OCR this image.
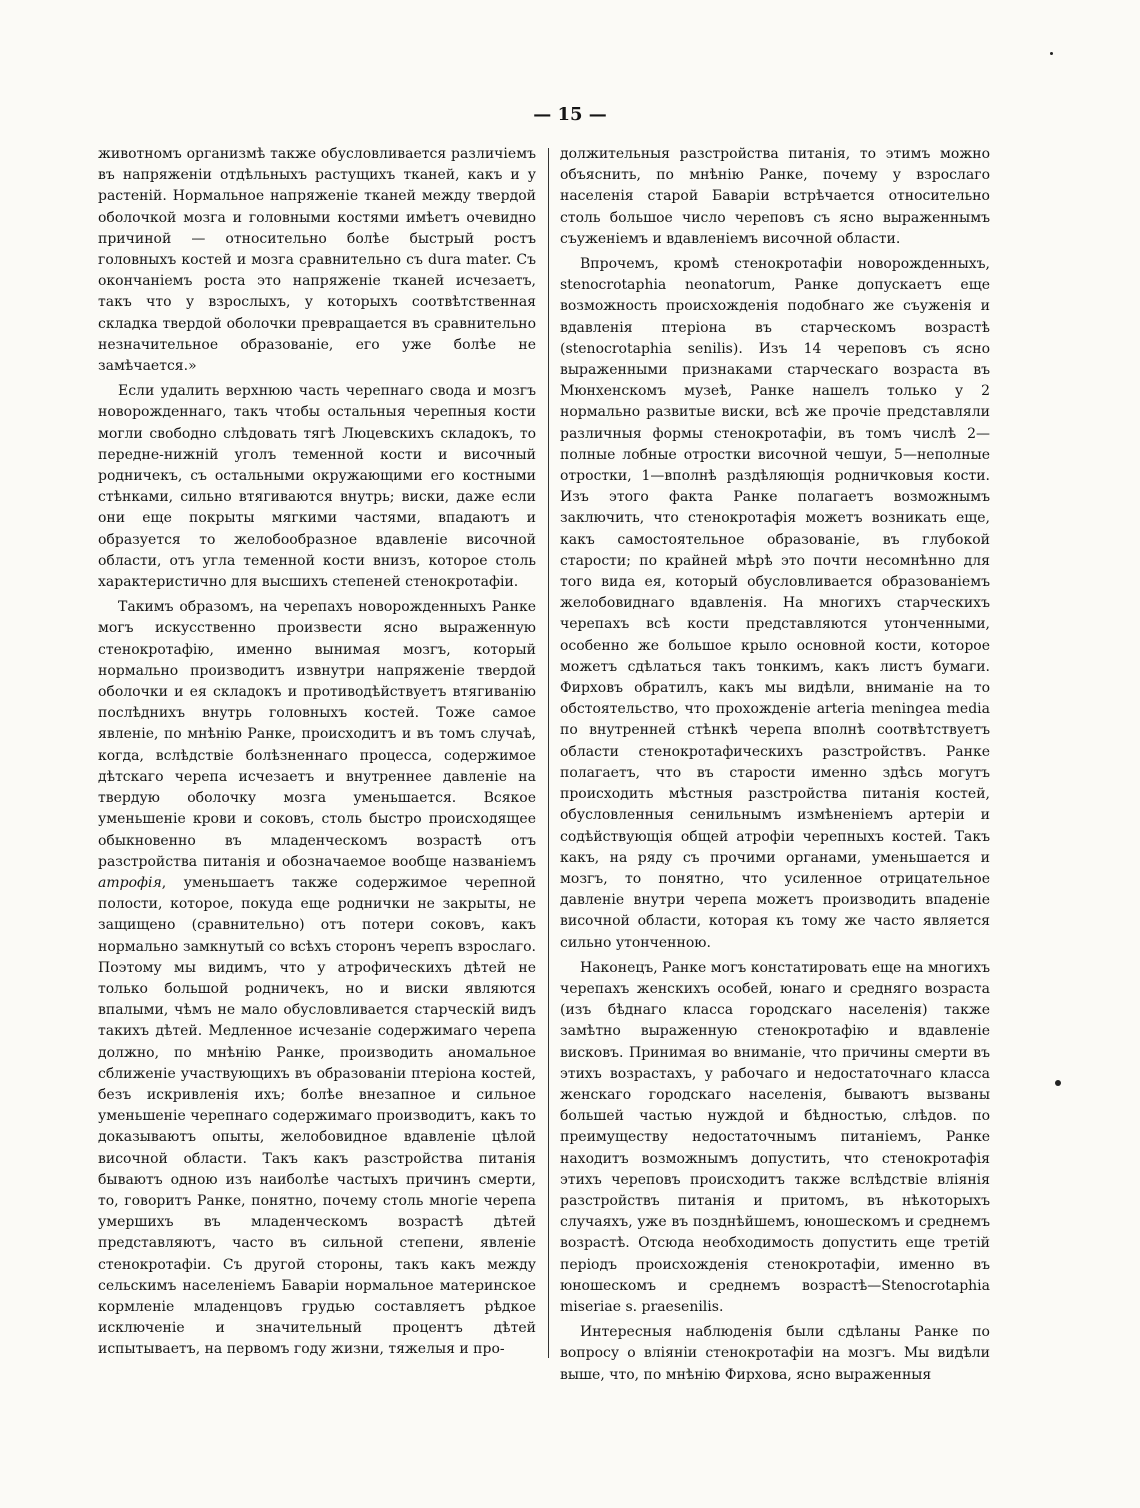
— 15 —

животномъ организмѣ также обусловливается различіемъ въ напряженіи отдѣльныхъ растущихъ тканей, какъ и у растеній. Нормальное напряженіе тканей между твердой оболочкой мозга и головными костями имѣетъ очевидно причиной — относительно болѣе быстрый ростъ головныхъ костей и мозга сравнительно съ dura mater. Съ окончаніемъ роста это напряженіе тканей исчезаетъ, такъ что у взрослыхъ, у которыхъ соотвѣтственная складка твердой оболочки превращается въ сравнительно незначительное образованіе, его уже болѣе не замѣчается.»

Если удалить верхнюю часть черепнаго свода и мозгъ новорожденнаго, такъ чтобы остальныя черепныя кости могли свободно слѣдовать тягѣ Люцевскихъ складокъ, то передне-нижній уголъ теменной кости и височный родничекъ, съ остальными окружающими его костными стѣнками, сильно втягиваются внутрь; виски, даже если они еще покрыты мягкими частями, впадаютъ и образуется то желобообразное вдавленіе височной области, отъ угла теменной кости внизъ, которое столь характеристично для высшихъ степеней стенокротафіи.

Такимъ образомъ, на черепахъ новорожденныхъ Ранке могъ искусственно произвести ясно выраженную стенокротафію, именно вынимая мозгъ, который нормально производитъ извнутри напряженіе твердой оболочки и ея складокъ и противодѣйствуетъ втягиванію послѣднихъ внутрь головныхъ костей. Тоже самое явленіе, по мнѣнію Ранке, происходитъ и въ томъ случаѣ, когда, вслѣдствіе болѣзненнаго процесса, содержимое дѣтскаго черепа исчезаетъ и внутреннее давленіе на твердую оболочку мозга уменьшается. Всякое уменьшеніе крови и соковъ, столь быстро происходящее обыкновенно въ младенческомъ возрастѣ отъ разстройства питанія и обозначаемое вообще названіемъ атрофія, уменьшаетъ также содержимое черепной полости, которое, покуда еще роднички не закрыты, не защищено (сравнительно) отъ потери соковъ, какъ нормально замкнутый со всѣхъ сторонъ черепъ взрослаго. Поэтому мы видимъ, что у атрофическихъ дѣтей не только большой родничекъ, но и виски являются впалыми, чѣмъ не мало обусловливается старческій видъ такихъ дѣтей. Медленное исчезаніе содержимаго черепа должно, по мнѣнію Ранке, производить аномальное сближеніе участвующихъ въ образованіи птеріона костей, безъ искривленія ихъ; болѣе внезапное и сильное уменьшеніе черепнаго содержимаго производитъ, какъ то доказываютъ опыты, желобовидное вдавленіе цѣлой височной области. Такъ какъ разстройства питанія бываютъ одною изъ наиболѣе частыхъ причинъ смерти, то, говоритъ Ранке, понятно, почему столь многіе черепа умершихъ въ младенческомъ возрастѣ дѣтей представляютъ, часто въ сильной степени, явленіе стенокротафіи. Съ другой стороны, такъ какъ между сельскимъ населеніемъ Баваріи нормальное материнское кормленіе младенцовъ грудью составляетъ рѣдкое исключеніе и значительный процентъ дѣтей испытываетъ, на первомъ году жизни, тяжелыя и про-

должительныя разстройства питанія, то этимъ можно объяснить, по мнѣнію Ранке, почему у взрослаго населенія старой Баваріи встрѣчается относительно столь большое число череповъ съ ясно выраженнымъ съуженіемъ и вдавленіемъ височной области.

Впрочемъ, кромѣ стенокротафіи новорожденныхъ, stenocrotaphia neonatorum, Ранке допускаетъ еще возможность происхожденія подобнаго же съуженія и вдавленія птеріона въ старческомъ возрастѣ (stenocrotaphia senilis). Изъ 14 череповъ съ ясно выраженными признаками старческаго возраста въ Мюнхенскомъ музеѣ, Ранке нашелъ только у 2 нормально развитые виски, всѣ же прочіе представляли различныя формы стенокротафіи, въ томъ числѣ 2—полные лобные отростки височной чешуи, 5—неполные отростки, 1—вполнѣ раздѣляющія родничковыя кости. Изъ этого факта Ранке полагаетъ возможнымъ заключить, что стенокротафія можетъ возникать еще, какъ самостоятельное образованіе, въ глубокой старости; по крайней мѣрѣ это почти несомнѣнно для того вида ея, который обусловливается образованіемъ желобовиднаго вдавленія. На многихъ старческихъ черепахъ всѣ кости представляются утонченными, особенно же большое крыло основной кости, которое можетъ сдѣлаться такъ тонкимъ, какъ листъ бумаги. Фирховъ обратилъ, какъ мы видѣли, вниманіе на то обстоятельство, что прохожденіе arteria meningea media по внутренней стѣнкѣ черепа вполнѣ соотвѣтствуетъ области стенокротафическихъ разстройствъ. Ранке полагаетъ, что въ старости именно здѣсь могутъ происходить мѣстныя разстройства питанія костей, обусловленныя сенильнымъ измѣненіемъ артеріи и содѣйствующія общей атрофіи черепныхъ костей. Такъ какъ, на ряду съ прочими органами, уменьшается и мозгъ, то понятно, что усиленное отрицательное давленіе внутри черепа можетъ производить впаденіе височной области, которая къ тому же часто является сильно утонченною.

Наконецъ, Ранке могъ констатировать еще на многихъ черепахъ женскихъ особей, юнаго и средняго возраста (изъ бѣднаго класса городскаго населенія) также замѣтно выраженную стенокротафію и вдавленіе висковъ. Принимая во вниманіе, что причины смерти въ этихъ возрастахъ, у рабочаго и недостаточнаго класса женскаго городскаго населенія, бываютъ вызваны большей частью нуждой и бѣдностью, слѣдов. по преимуществу недостаточнымъ питаніемъ, Ранке находитъ возможнымъ допустить, что стенокротафія этихъ череповъ происходитъ также вслѣдствіе вліянія разстройствъ питанія и притомъ, въ нѣкоторыхъ случаяхъ, уже въ позднѣйшемъ, юношескомъ и среднемъ возрастѣ. Отсюда необходимость допустить еще третій періодъ происхожденія стенокротафіи, именно въ юношескомъ и среднемъ возрастѣ—Stenocrotaphia miseriae s. praesenilis.

Интересныя наблюденія были сдѣланы Ранке по вопросу о вліяніи стенокротафіи на мозгъ. Мы видѣли выше, что, по мнѣнію Фирхова, ясно выраженныя
